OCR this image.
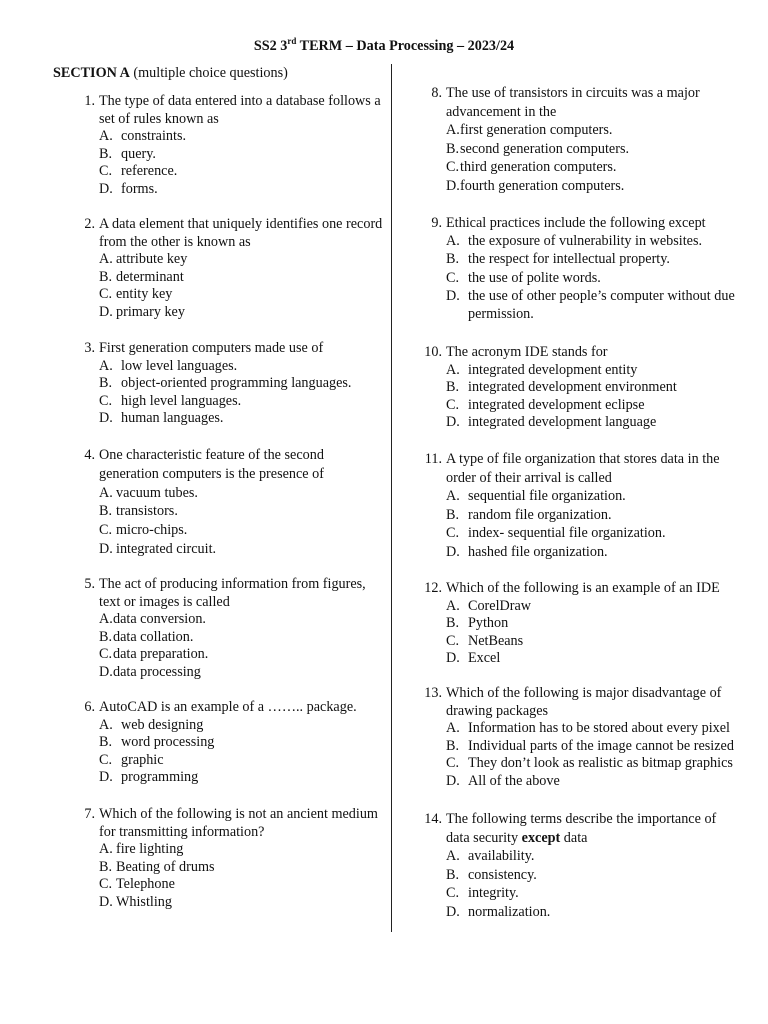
SS2 3rd TERM – Data Processing – 2023/24
SECTION A (multiple choice questions)
1. The type of data entered into a database follows a set of rules known as
A. constraints.
B. query.
C. reference.
D. forms.
2. A data element that uniquely identifies one record from the other is known as
A. attribute key
B. determinant
C. entity key
D. primary key
3. First generation computers made use of
A. low level languages.
B. object-oriented programming languages.
C. high level languages.
D. human languages.
4. One characteristic feature of the second generation computers is the presence of
A. vacuum tubes.
B. transistors.
C. micro-chips.
D. integrated circuit.
5. The act of producing information from figures, text or images is called
A. data conversion.
B. data collation.
C. data preparation.
D. data processing
6. AutoCAD is an example of a …….. package.
A. web designing
B. word processing
C. graphic
D. programming
7. Which of the following is not an ancient medium for transmitting information?
A. fire lighting
B. Beating of drums
C. Telephone
D. Whistling
8. The use of transistors in circuits was a major advancement in the
A. first generation computers.
B. second generation computers.
C. third generation computers.
D. fourth generation computers.
9. Ethical practices include the following except
A. the exposure of vulnerability in websites.
B. the respect for intellectual property.
C. the use of polite words.
D. the use of other people’s computer without due permission.
10. The acronym IDE stands for
A. integrated development entity
B. integrated development environment
C. integrated development eclipse
D. integrated development language
11. A type of file organization that stores data in the order of their arrival is called
A. sequential file organization.
B. random file organization.
C. index- sequential file organization.
D. hashed file organization.
12. Which of the following is an example of an IDE
A. CorelDraw
B. Python
C. NetBeans
D. Excel
13. Which of the following is major disadvantage of drawing packages
A. Information has to be stored about every pixel
B. Individual parts of the image cannot be resized
C. They don’t look as realistic as bitmap graphics
D. All of the above
14. The following terms describe the importance of data security except data
A. availability.
B. consistency.
C. integrity.
D. normalization.
